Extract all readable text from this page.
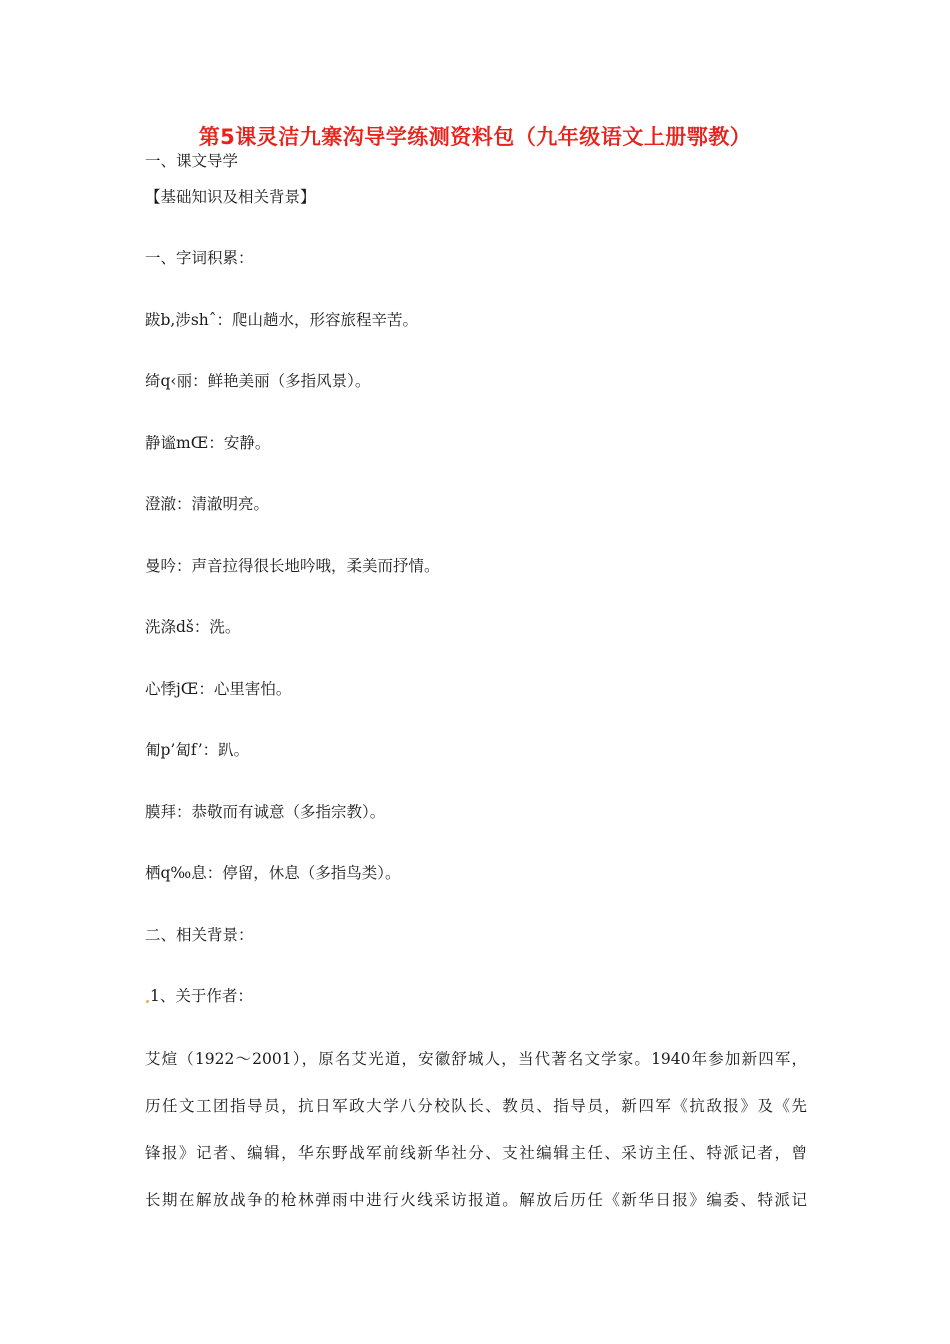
第5课灵洁九寨沟导学练测资料包（九年级语文上册鄂教）
一、课文导学
【基础知识及相关背景】
一、字词积累：
跋b,涉shˆ：爬山趟水，形容旅程辛苦。
绮q‹丽：鲜艳美丽（多指风景）。
静谧mŒ：安静。
澄澈：清澈明亮。
曼吟：声音拉得很长地吟哦，柔美而抒情。
洗涤dš：洗。
心悸jŒ：心里害怕。
匍p’匐f’：趴。
膜拜：恭敬而有诚意（多指宗教）。
栖q‰息：停留，休息（多指鸟类）。
二、相关背景：
1、关于作者：
艾煊（1922～2001），原名艾光道，安徽舒城人，当代著名文学家。1940年参加新四军，
历任文工团指导员，抗日军政大学八分校队长、教员、指导员，新四军《抗敌报》及《先
锋报》记者、编辑，华东野战军前线新华社分、支社编辑主任、采访主任、特派记者，曾
长期在解放战争的枪林弹雨中进行火线采访报道。解放后历任《新华日报》编委、特派记
